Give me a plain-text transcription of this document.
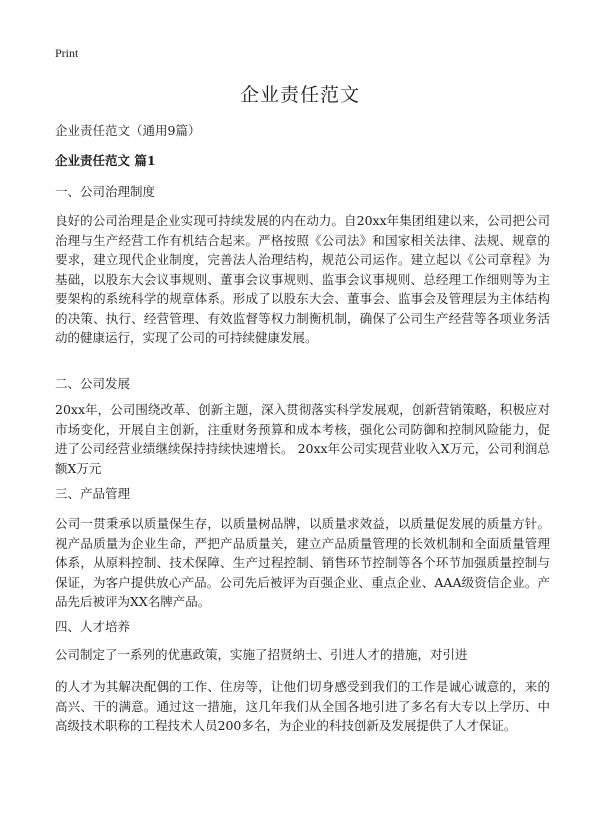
Print
企业责任范文
企业责任范文（通用9篇）
企业责任范文 篇1
一、公司治理制度

良好的公司治理是企业实现可持续发展的内在动力。自20xx年集团组建以来，公司把公司治理与生产经营工作有机结合起来。严格按照《公司法》和国家相关法律、法规、规章的要求，建立现代企业制度，完善法人治理结构，规范公司运作。建立起以《公司章程》为基础，以股东大会议事规则、董事会议事规则、监事会议事规则、总经理工作细则等为主要架构的系统科学的规章体系。形成了以股东大会、董事会、监事会及管理层为主体结构的决策、执行、经营管理、有效监督等权力制衡机制，确保了公司生产经营等各项业务活动的健康运行，实现了公司的可持续健康发展。

二、公司发展

20xx年，公司围绕改革、创新主题，深入贯彻落实科学发展观，创新营销策略，积极应对市场变化，开展自主创新，注重财务预算和成本考核，强化公司防御和控制风险能力，促进了公司经营业绩继续保持持续快速增长。 20xx年公司实现营业收入X万元，公司利润总额X万元

三、产品管理

公司一贯秉承以质量保生存，以质量树品牌，以质量求效益，以质量促发展的质量方针。视产品质量为企业生命，严把产品质量关，建立产品质量管理的长效机制和全面质量管理体系，从原料控制、技术保障、生产过程控制、销售环节控制等各个环节加强质量控制与保证，为客户提供放心产品。公司先后被评为百强企业、重点企业、AAA级资信企业。产品先后被评为XX名牌产品。

四、人才培养

公司制定了一系列的优惠政策，实施了招贤纳士、引进人才的措施，对引进

的人才为其解决配偶的工作、住房等，让他们切身感受到我们的工作是诚心诚意的，来的高兴、干的满意。通过这一措施，这几年我们从全国各地引进了多名有大专以上学历、中高级技术职称的工程技术人员200多名，为企业的科技创新及发展提供了人才保证。
